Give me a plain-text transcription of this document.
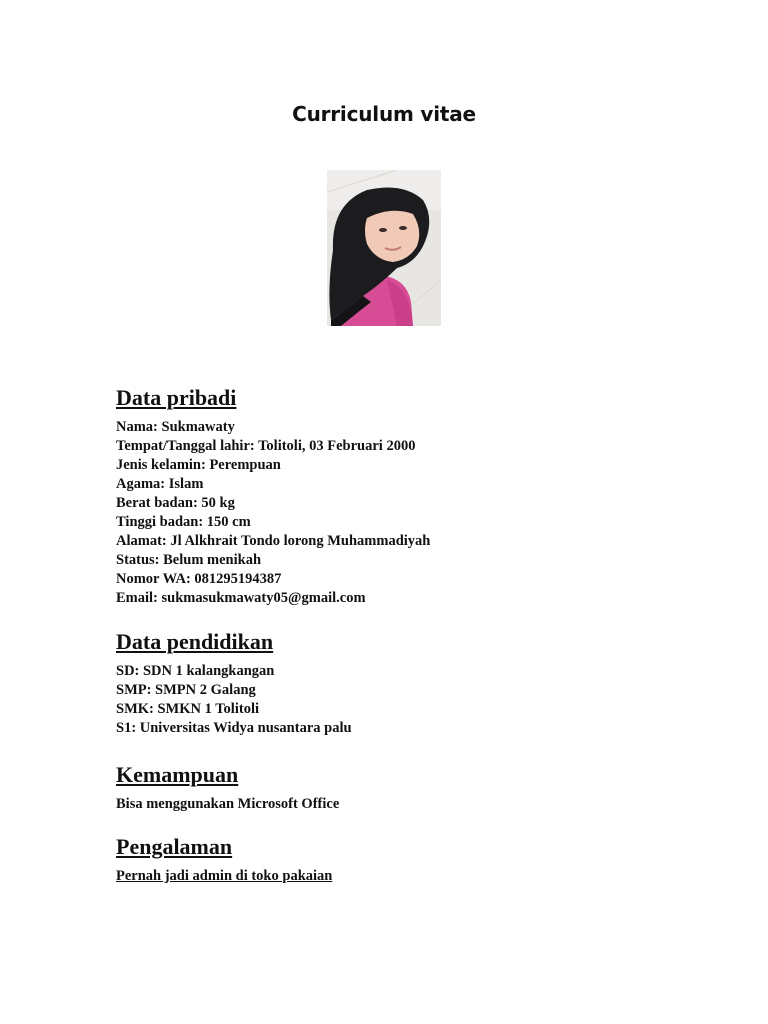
Curriculum vitae
Data pribadi
Nama: Sukmawaty
Tempat/Tanggal lahir: Tolitoli, 03 Februari 2000
Jenis kelamin: Perempuan
Agama: Islam
Berat badan: 50 kg
Tinggi badan: 150 cm
Alamat: Jl Alkhrait Tondo lorong Muhammadiyah
Status: Belum menikah
Nomor WA: 081295194387
Email: sukmasukmawaty05@gmail.com
Data pendidikan
SD: SDN 1 kalangkangan
SMP: SMPN 2 Galang
SMK: SMKN 1 Tolitoli
S1: Universitas Widya nusantara palu
Kemampuan
Bisa menggunakan Microsoft Office
Pengalaman
Pernah jadi admin di toko pakaian
